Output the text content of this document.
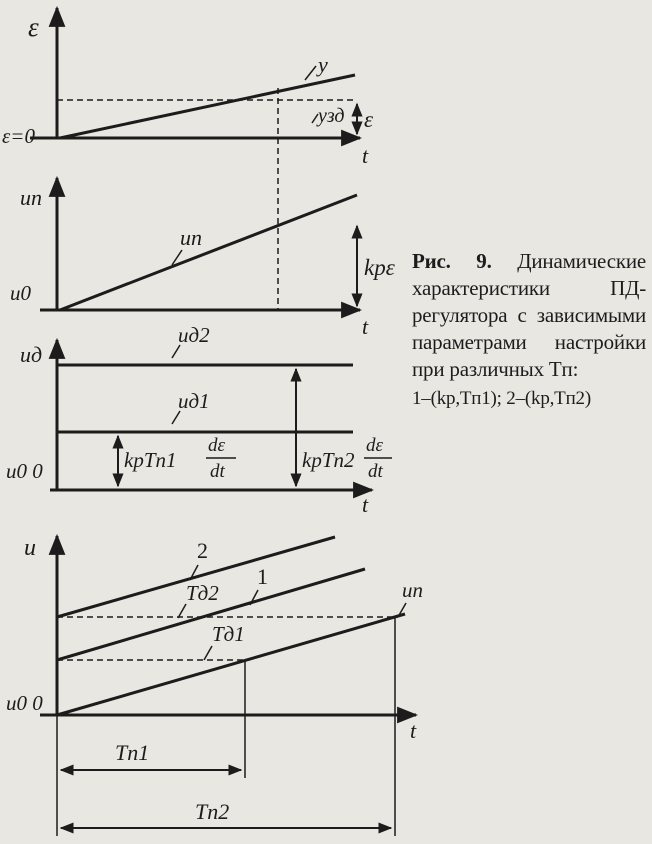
ε
ε=0
y
yзд ε
t
uп
u0
uп
kpε
t
uд
u0 0
uд2
uд1
kpTп1
dε
dt	kpTп2
dε
dt
t
u
u0 0
2
1
Tд2
Tд1
uп
t
Tп1
Tп2
Рис. 9. Динамические характеристики ПД-регулятора с зависимыми параметрами настройки при различных Tп:
1–(kp,Tп1); 2–(kp,Tп2)
